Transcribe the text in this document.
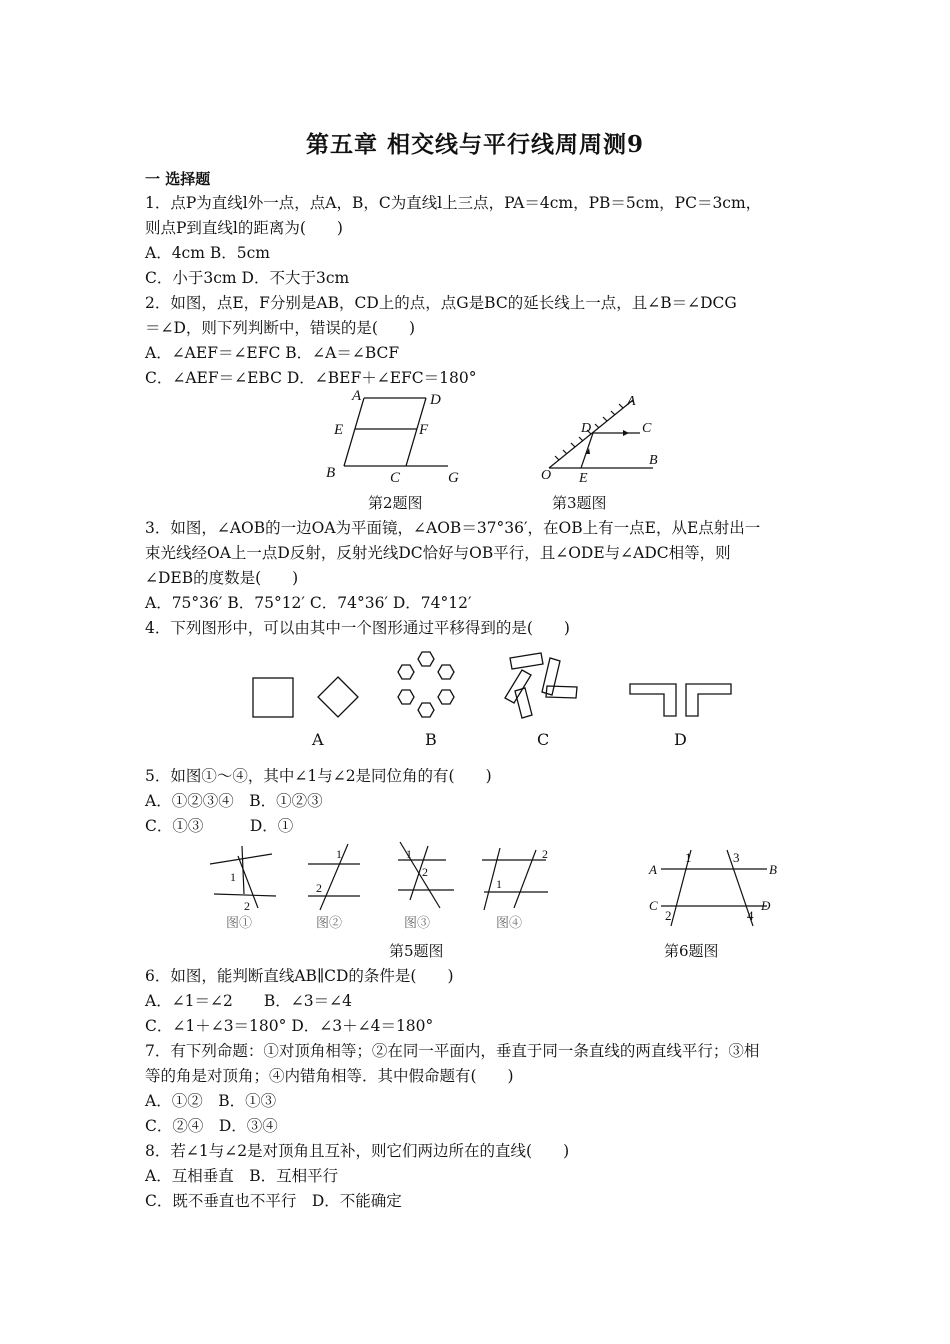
第五章 相交线与平行线周周测9
一 选择题
1．点P为直线l外一点，点A，B，C为直线l上三点，PA＝4cm，PB＝5cm，PC＝3cm，
则点P到直线l的距离为(　　)
A．4cm B．5cm
C．小于3cm D．不大于3cm
2．如图，点E，F分别是AB，CD上的点，点G是BC的延长线上一点，且∠B＝∠DCG
＝∠D，则下列判断中，错误的是(　　)
A．∠AEF＝∠EFC B．∠A＝∠BCF
C．∠AEF＝∠EBC D．∠BEF＋∠EFC＝180°
A	D
E	F
B	C	G
第2题图
A
C
D
O E
B
第3题图
3．如图，∠AOB的一边OA为平面镜，∠AOB＝37°36′，在OB上有一点E，从E点射出一
束光线经OA上一点D反射，反射光线DC恰好与OB平行，且∠ODE与∠ADC相等，则
∠DEB的度数是(　　)
A．75°36′ B．75°12′ C．74°36′ D．74°12′
4．下列图形中，可以由其中一个图形通过平移得到的是(　　)
A	B	C	D
5．如图①～④，其中∠1与∠2是同位角的有(　　)
A．①②③④　B．①②③
C．①③　　　D．①
1
2
1
2
1
2
1
2
图①	图②	图③	图④
A	B
C	D
1
2
3
4
第5题图	第6题图
6．如图，能判断直线AB∥CD的条件是(　　)
A．∠1＝∠2　　B．∠3＝∠4
C．∠1＋∠3＝180° D．∠3＋∠4＝180°
7．有下列命题：①对顶角相等；②在同一平面内，垂直于同一条直线的两直线平行；③相
等的角是对顶角；④内错角相等．其中假命题有(　　)
A．①②　B．①③
C．②④　D．③④
8．若∠1与∠2是对顶角且互补，则它们两边所在的直线(　　)
A．互相垂直　B．互相平行
C．既不垂直也不平行　D．不能确定
